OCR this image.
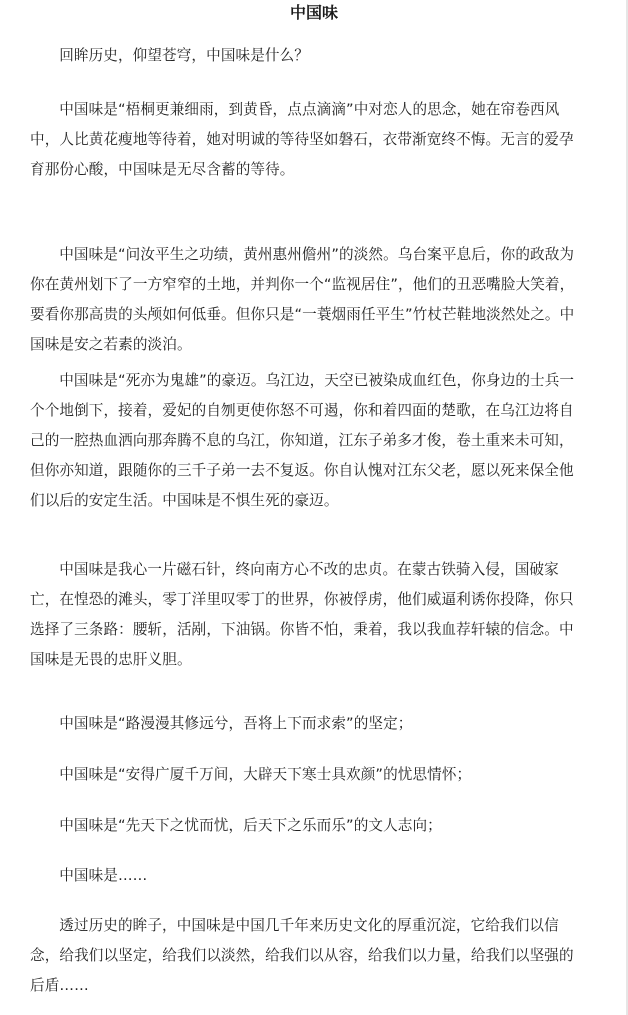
中国味

回眸历史，仰望苍穹，中国味是什么？

中国味是“梧桐更兼细雨，到黄昏，点点滴滴”中对恋人的思念，她在帘卷西风中，人比黄花瘦地等待着，她对明诚的等待坚如磐石，衣带渐宽终不悔。无言的爱孕育那份心酸，中国味是无尽含蓄的等待。

中国味是“问汝平生之功绩，黄州惠州儋州”的淡然。乌台案平息后，你的政敌为你在黄州划下了一方窄窄的土地，并判你一个“监视居住”，他们的丑恶嘴脸大笑着，要看你那高贵的头颅如何低垂。但你只是“一蓑烟雨任平生”竹杖芒鞋地淡然处之。中国味是安之若素的淡泊。

中国味是“死亦为鬼雄”的豪迈。乌江边，天空已被染成血红色，你身边的士兵一个个地倒下，接着，爱妃的自刎更使你怒不可遏，你和着四面的楚歌，在乌江边将自己的一腔热血洒向那奔腾不息的乌江，你知道，江东子弟多才俊，卷土重来未可知，但你亦知道，跟随你的三千子弟一去不复返。你自认愧对江东父老，愿以死来保全他们以后的安定生活。中国味是不惧生死的豪迈。

中国味是我心一片磁石针，终向南方心不改的忠贞。在蒙古铁骑入侵，国破家亡，在惶恐的滩头，零丁洋里叹零丁的世界，你被俘虏，他们威逼利诱你投降，你只选择了三条路：腰斩，活剐，下油锅。你皆不怕，秉着，我以我血荐轩辕的信念。中国味是无畏的忠肝义胆。

中国味是“路漫漫其修远兮，吾将上下而求索”的坚定；

中国味是“安得广厦千万间，大辟天下寒士具欢颜”的忧思情怀；

中国味是“先天下之忧而忧，后天下之乐而乐”的文人志向；

中国味是……

透过历史的眸子，中国味是中国几千年来历史文化的厚重沉淀，它给我们以信念，给我们以坚定，给我们以淡然，给我们以从容，给我们以力量，给我们以坚强的后盾……
